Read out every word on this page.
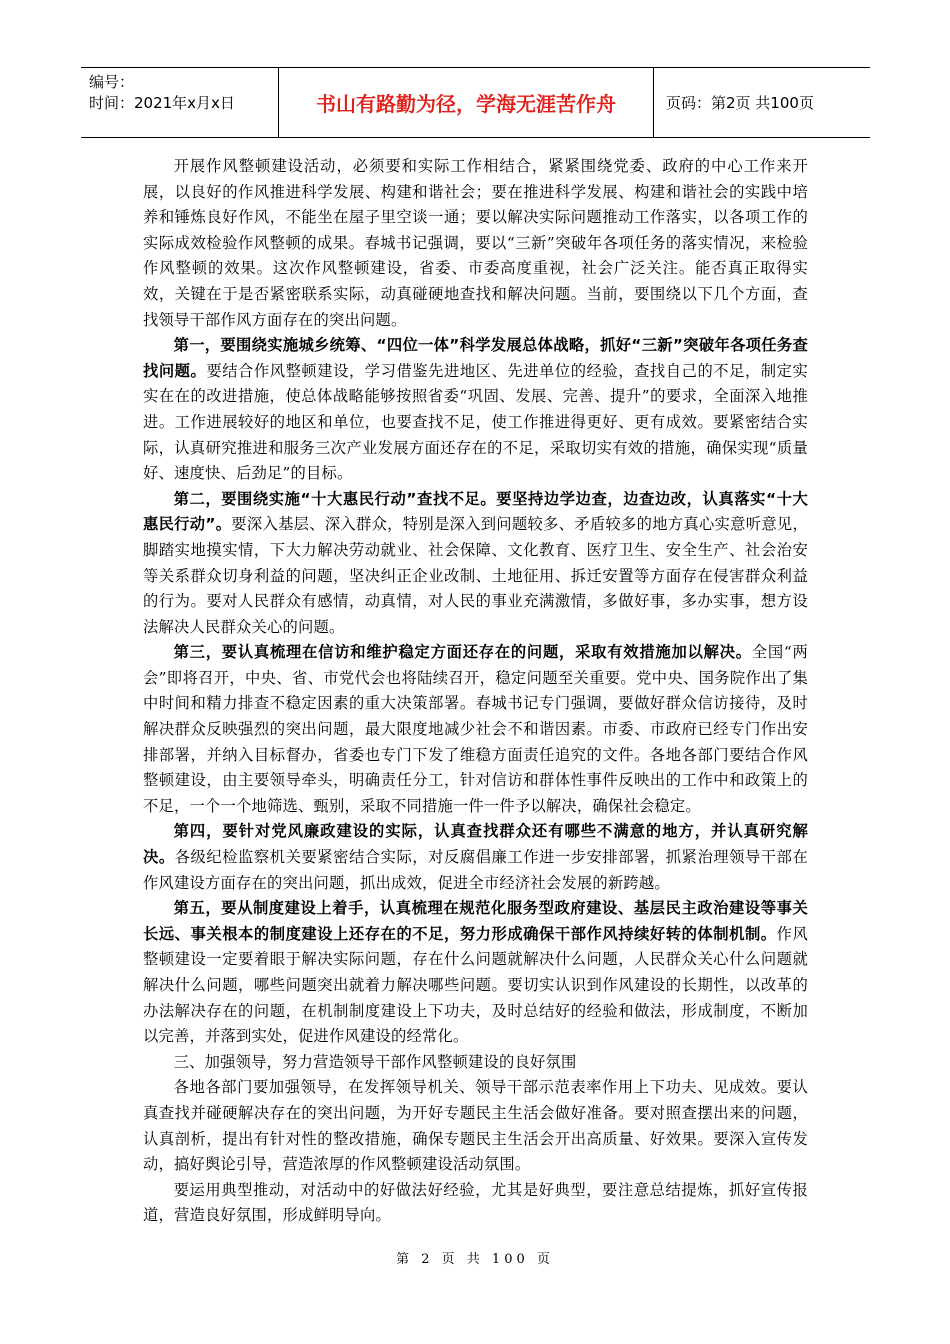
编号：
时间：2021年x月x日	书山有路勤为径，学海无涯苦作舟	页码：第2页 共100页

开展作风整顿建设活动，必须要和实际工作相结合，紧紧围绕党委、政府的中心工作来开展，以良好的作风推进科学发展、构建和谐社会；要在推进科学发展、构建和谐社会的实践中培养和锤炼良好作风，不能坐在屋子里空谈一通；要以解决实际问题推动工作落实，以各项工作的实际成效检验作风整顿的成果。春城书记强调，要以“三新”突破年各项任务的落实情况，来检验作风整顿的效果。这次作风整顿建设，省委、市委高度重视，社会广泛关注。能否真正取得实效，关键在于是否紧密联系实际，动真碰硬地查找和解决问题。当前，要围绕以下几个方面，查找领导干部作风方面存在的突出问题。

第一，要围绕实施城乡统筹、“四位一体”科学发展总体战略，抓好“三新”突破年各项任务查找问题。要结合作风整顿建设，学习借鉴先进地区、先进单位的经验，查找自己的不足，制定实实在在的改进措施，使总体战略能够按照省委“巩固、发展、完善、提升”的要求，全面深入地推进。工作进展较好的地区和单位，也要查找不足，使工作推进得更好、更有成效。要紧密结合实际，认真研究推进和服务三次产业发展方面还存在的不足，采取切实有效的措施，确保实现“质量好、速度快、后劲足”的目标。

第二，要围绕实施“十大惠民行动”查找不足。要坚持边学边查，边查边改，认真落实“十大惠民行动”。要深入基层、深入群众，特别是深入到问题较多、矛盾较多的地方真心实意听意见，脚踏实地摸实情，下大力解决劳动就业、社会保障、文化教育、医疗卫生、安全生产、社会治安等关系群众切身利益的问题，坚决纠正企业改制、土地征用、拆迁安置等方面存在侵害群众利益的行为。要对人民群众有感情，动真情，对人民的事业充满激情，多做好事，多办实事，想方设法解决人民群众关心的问题。

第三，要认真梳理在信访和维护稳定方面还存在的问题，采取有效措施加以解决。全国“两会”即将召开，中央、省、市党代会也将陆续召开，稳定问题至关重要。党中央、国务院作出了集中时间和精力排查不稳定因素的重大决策部署。春城书记专门强调，要做好群众信访接待，及时解决群众反映强烈的突出问题，最大限度地减少社会不和谐因素。市委、市政府已经专门作出安排部署，并纳入目标督办，省委也专门下发了维稳方面责任追究的文件。各地各部门要结合作风整顿建设，由主要领导牵头，明确责任分工，针对信访和群体性事件反映出的工作中和政策上的不足，一个一个地筛选、甄别，采取不同措施一件一件予以解决，确保社会稳定。

第四，要针对党风廉政建设的实际，认真查找群众还有哪些不满意的地方，并认真研究解决。各级纪检监察机关要紧密结合实际，对反腐倡廉工作进一步安排部署，抓紧治理领导干部在作风建设方面存在的突出问题，抓出成效，促进全市经济社会发展的新跨越。

第五，要从制度建设上着手，认真梳理在规范化服务型政府建设、基层民主政治建设等事关长远、事关根本的制度建设上还存在的不足，努力形成确保干部作风持续好转的体制机制。作风整顿建设一定要着眼于解决实际问题，存在什么问题就解决什么问题，人民群众关心什么问题就解决什么问题，哪些问题突出就着力解决哪些问题。要切实认识到作风建设的长期性，以改革的办法解决存在的问题，在机制制度建设上下功夫，及时总结好的经验和做法，形成制度，不断加以完善，并落到实处，促进作风建设的经常化。

三、加强领导，努力营造领导干部作风整顿建设的良好氛围

各地各部门要加强领导，在发挥领导机关、领导干部示范表率作用上下功夫、见成效。要认真查找并碰硬解决存在的突出问题，为开好专题民主生活会做好准备。要对照查摆出来的问题，认真剖析，提出有针对性的整改措施，确保专题民主生活会开出高质量、好效果。要深入宣传发动，搞好舆论引导，营造浓厚的作风整顿建设活动氛围。

要运用典型推动，对活动中的好做法好经验，尤其是好典型，要注意总结提炼，抓好宣传报道，营造良好氛围，形成鲜明导向。

第 2 页 共 100 页
